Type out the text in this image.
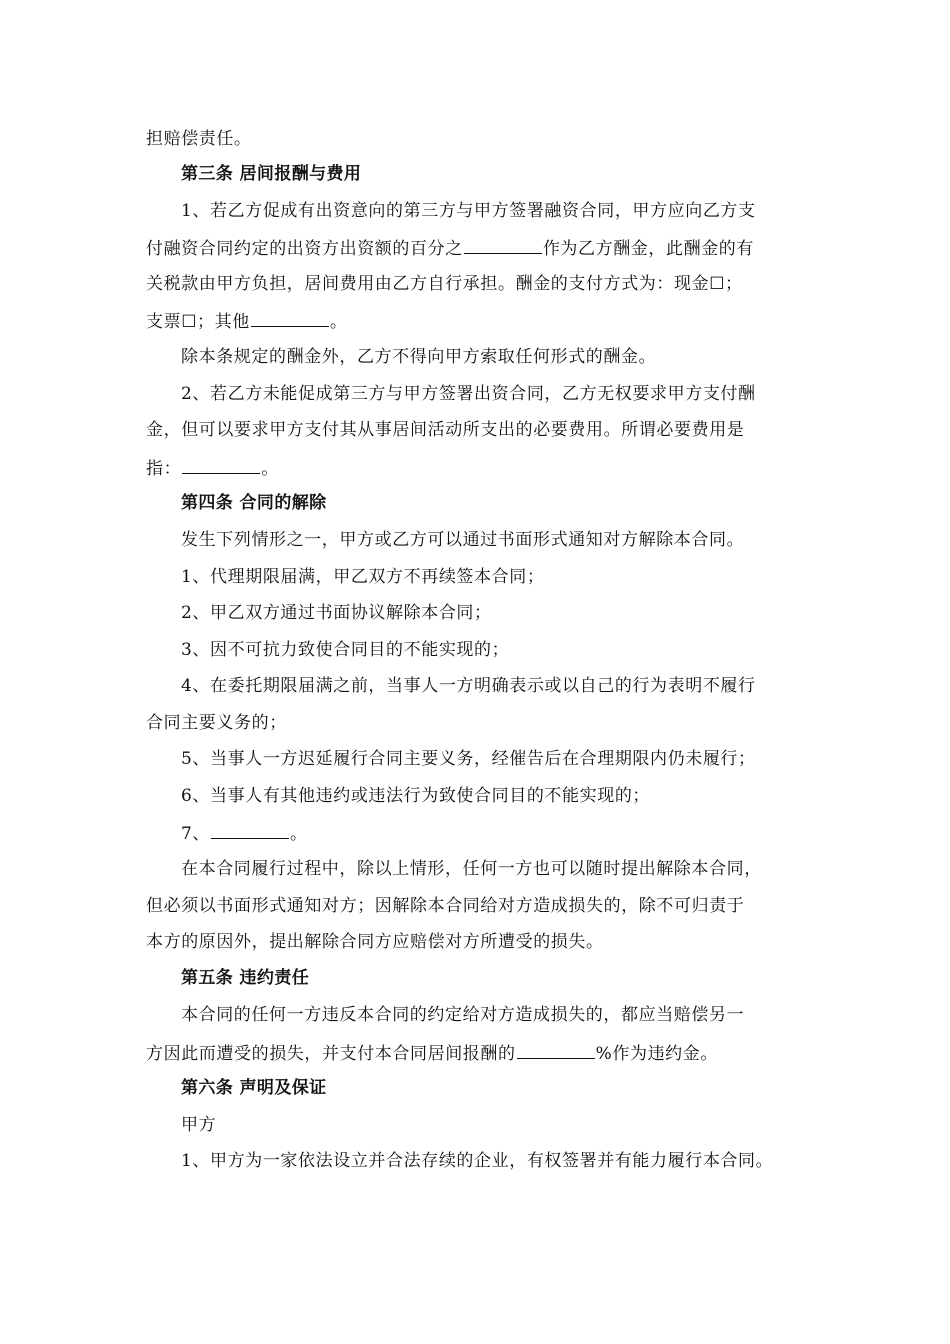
担赔偿责任。
第三条 居间报酬与费用
1、若乙方促成有出资意向的第三方与甲方签署融资合同，甲方应向乙方支
付融资合同约定的出资方出资额的百分之	作为乙方酬金，此酬金的有
关税款由甲方负担，居间费用由乙方自行承担。酬金的支付方式为：现金☐；
支票☐；其他	。
除本条规定的酬金外，乙方不得向甲方索取任何形式的酬金。
2、若乙方未能促成第三方与甲方签署出资合同，乙方无权要求甲方支付酬
金，但可以要求甲方支付其从事居间活动所支出的必要费用。所谓必要费用是
指：	。
第四条 合同的解除
发生下列情形之一，甲方或乙方可以通过书面形式通知对方解除本合同。
1、代理期限届满，甲乙双方不再续签本合同；
2、甲乙双方通过书面协议解除本合同；
3、因不可抗力致使合同目的不能实现的；
4、在委托期限届满之前，当事人一方明确表示或以自己的行为表明不履行
合同主要义务的；
5、当事人一方迟延履行合同主要义务，经催告后在合理期限内仍未履行；
6、当事人有其他违约或违法行为致使合同目的不能实现的；
7、	。
在本合同履行过程中，除以上情形，任何一方也可以随时提出解除本合同，
但必须以书面形式通知对方；因解除本合同给对方造成损失的，除不可归责于
本方的原因外，提出解除合同方应赔偿对方所遭受的损失。
第五条 违约责任
本合同的任何一方违反本合同的约定给对方造成损失的，都应当赔偿另一
方因此而遭受的损失，并支付本合同居间报酬的	%作为违约金。
第六条 声明及保证
甲方
1、甲方为一家依法设立并合法存续的企业，有权签署并有能力履行本合同。
